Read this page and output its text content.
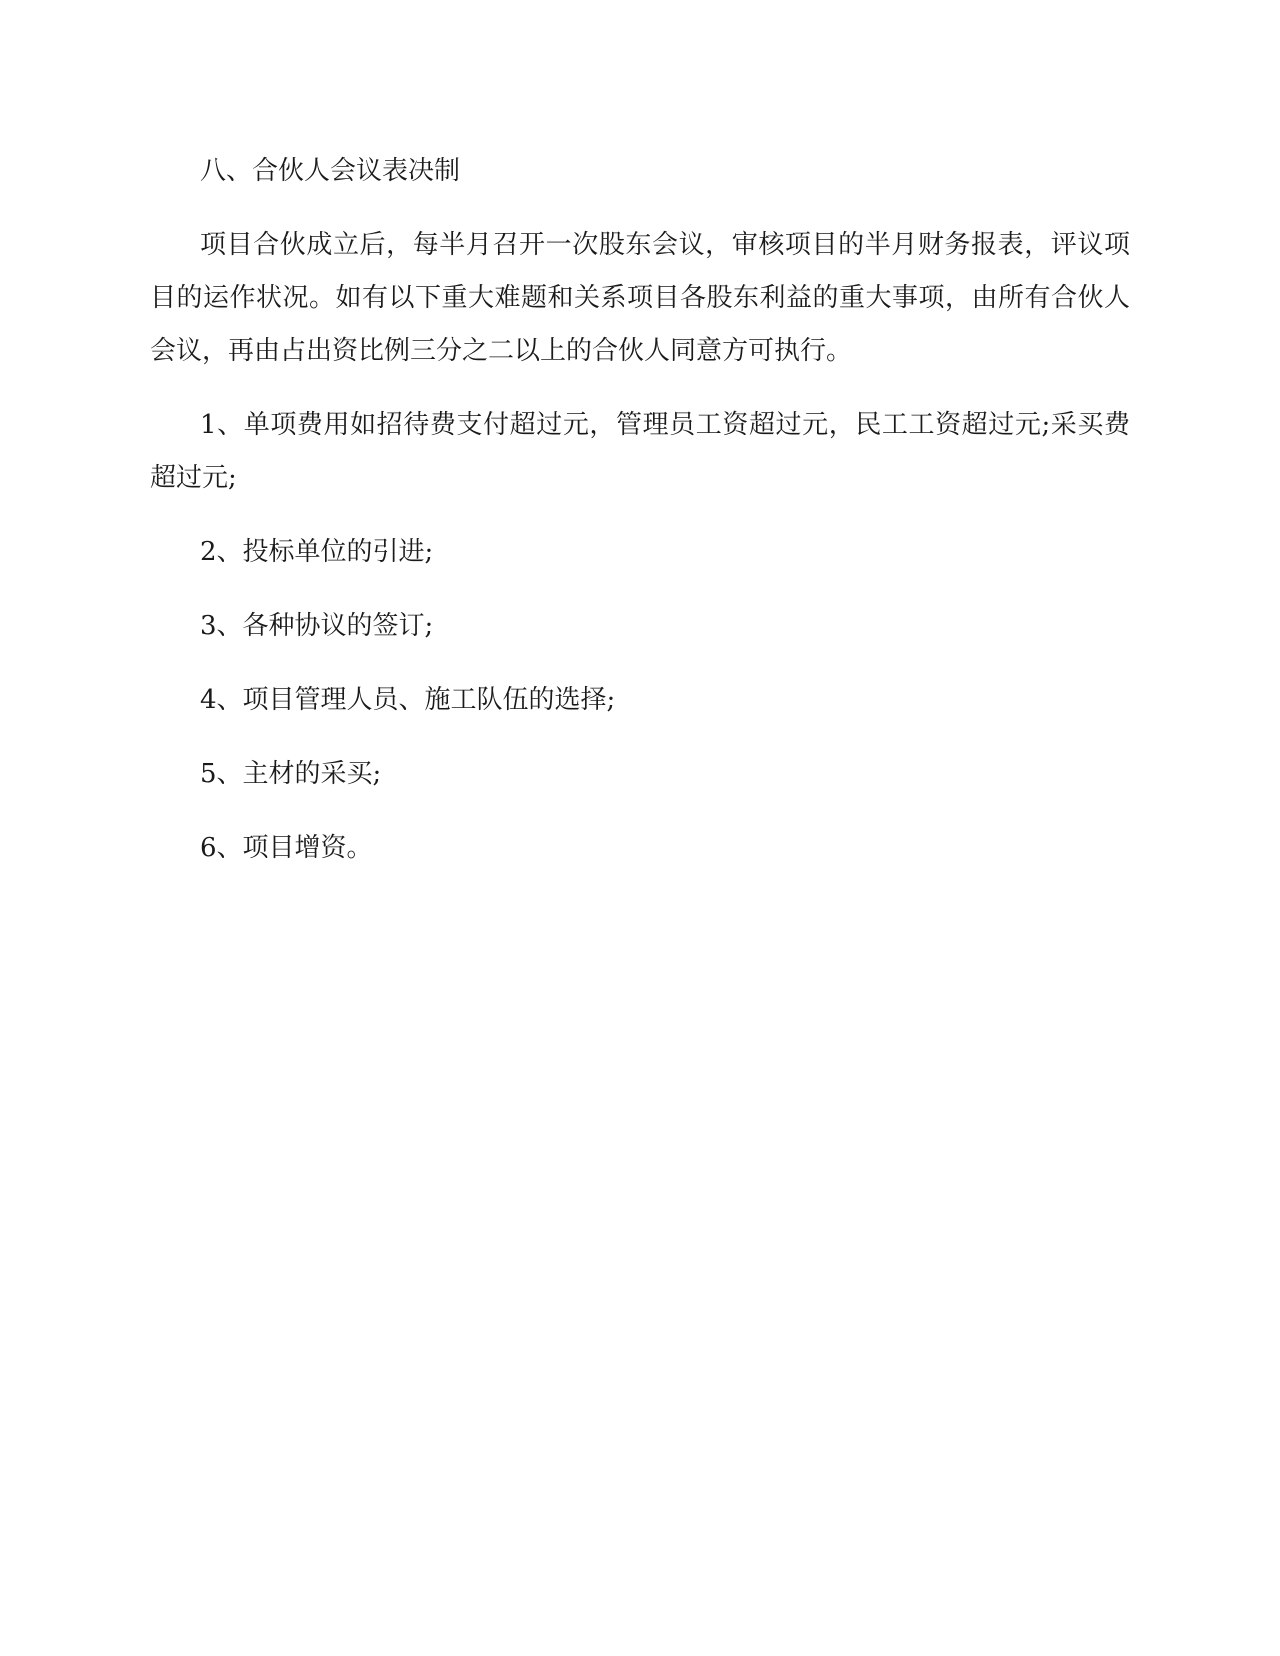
八、合伙人会议表决制

项目合伙成立后，每半月召开一次股东会议，审核项目的半月财务报表，评议项目的运作状况。如有以下重大难题和关系项目各股东利益的重大事项，由所有合伙人会议，再由占出资比例三分之二以上的合伙人同意方可执行。

1、单项费用如招待费支付超过元，管理员工资超过元，民工工资超过元;采买费超过元;

2、投标单位的引进;

3、各种协议的签订;

4、项目管理人员、施工队伍的选择;

5、主材的采买;

6、项目增资。
